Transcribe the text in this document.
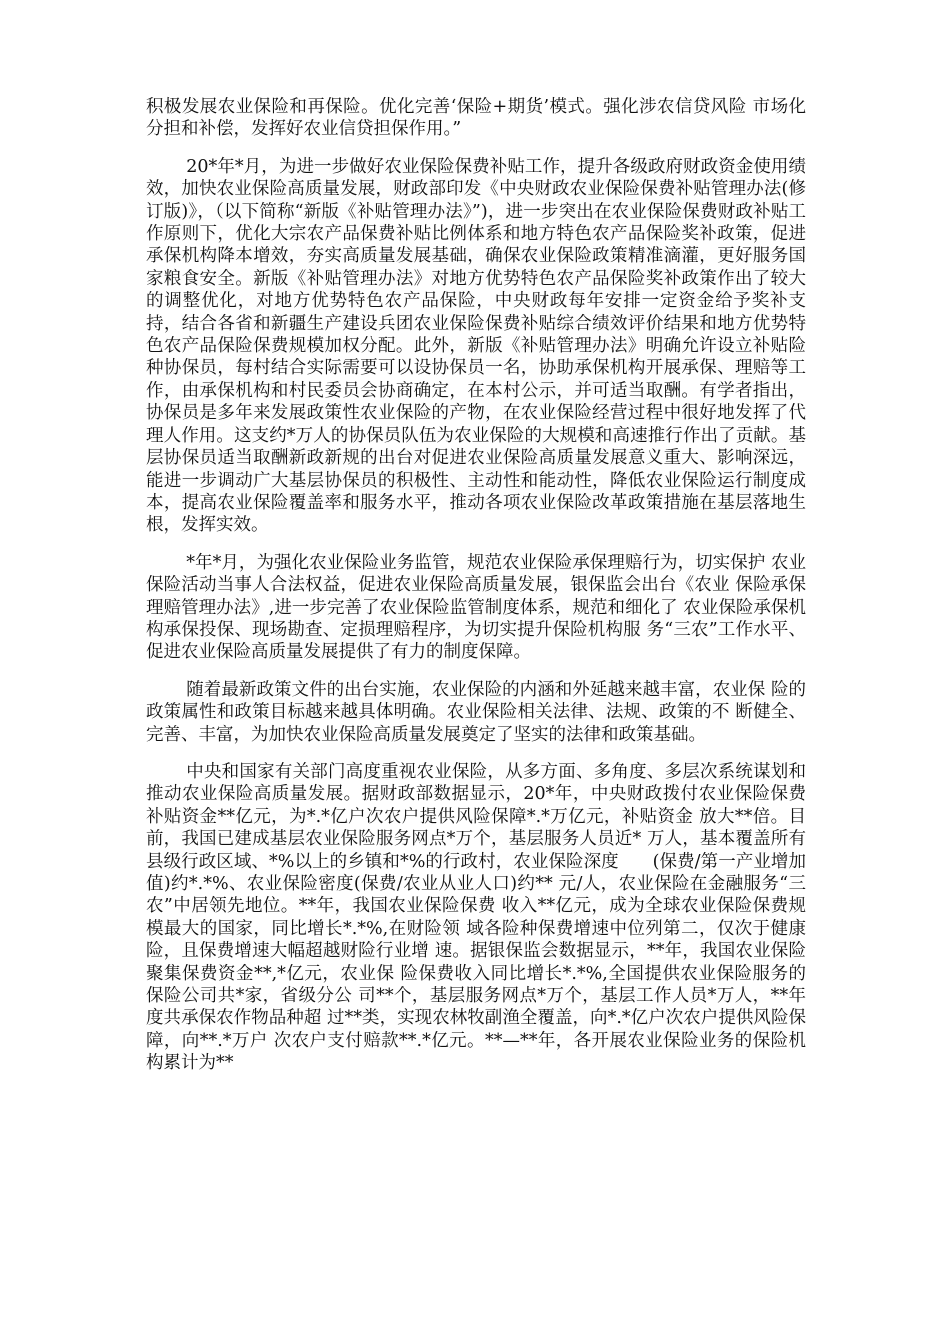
积极发展农业保险和再保险。优化完善‘保险+期货’模式。强化涉农信贷风险 市场化分担和补偿，发挥好农业信贷担保作用。”

20*年*月，为进一步做好农业保险保费补贴工作，提升各级政府财政资金使用绩效，加快农业保险高质量发展，财政部印发《中央财政农业保险保费补贴管理办法(修订版)》，（以下简称“新版《补贴管理办法》”)，进一步突出在农业保险保费财政补贴工作原则下，优化大宗农产品保费补贴比例体系和地方特色农产品保险奖补政策，促进承保机构降本增效，夯实高质量发展基础，确保农业保险政策精准滴灌，更好服务国家粮食安全。新版《补贴管理办法》对地方优势特色农产品保险奖补政策作出了较大的调整优化，对地方优势特色农产品保险，中央财政每年安排一定资金给予奖补支持，结合各省和新疆生产建设兵团农业保险保费补贴综合绩效评价结果和地方优势特色农产品保险保费规模加权分配。此外，新版《补贴管理办法》明确允许设立补贴险种协保员，每村结合实际需要可以设协保员一名，协助承保机构开展承保、理赔等工作，由承保机构和村民委员会协商确定，在本村公示，并可适当取酬。有学者指出，协保员是多年来发展政策性农业保险的产物，在农业保险经营过程中很好地发挥了代理人作用。这支约*万人的协保员队伍为农业保险的大规模和高速推行作出了贡献。基层协保员适当取酬新政新规的出台对促进农业保险高质量发展意义重大、影响深远，能进一步调动广大基层协保员的积极性、主动性和能动性，降低农业保险运行制度成本，提高农业保险覆盖率和服务水平，推动各项农业保险改革政策措施在基层落地生根，发挥实效。

*年*月，为强化农业保险业务监管，规范农业保险承保理赔行为，切实保护 农业保险活动当事人合法权益，促进农业保险高质量发展，银保监会出台《农业 保险承保理赔管理办法》,进一步完善了农业保险监管制度体系，规范和细化了 农业保险承保机构承保投保、现场勘查、定损理赔程序，为切实提升保险机构服 务“三农”工作水平、促进农业保险高质量发展提供了有力的制度保障。

随着最新政策文件的出台实施，农业保险的内涵和外延越来越丰富，农业保 险的政策属性和政策目标越来越具体明确。农业保险相关法律、法规、政策的不 断健全、完善、丰富，为加快农业保险高质量发展奠定了坚实的法律和政策基础。

中央和国家有关部门高度重视农业保险，从多方面、多角度、多层次系统谋划和推动农业保险高质量发展。据财政部数据显示，20*年，中央财政拨付农业保险保费补贴资金**亿元，为*.*亿户次农户提供风险保障*.*万亿元，补贴资金 放大**倍。目前，我国已建成基层农业保险服务网点*万个，基层服务人员近* 万人，基本覆盖所有县级行政区域、*%以上的乡镇和*%的行政村，农业保险深度      (保费/第一产业增加值)约*.*%、农业保险密度(保费/农业从业人口)约** 元/人，农业保险在金融服务“三农”中居领先地位。**年，我国农业保险保费 收入**亿元，成为全球农业保险保费规模最大的国家，同比增长*.*%,在财险领 域各险种保费增速中位列第二，仅次于健康险，且保费增速大幅超越财险行业增 速。据银保监会数据显示，**年，我国农业保险聚集保费资金**,*亿元，农业保 险保费收入同比增长*.*%,全国提供农业保险服务的保险公司共*家，省级分公 司**个，基层服务网点*万个，基层工作人员*万人，**年度共承保农作物品种超 过**类，实现农林牧副渔全覆盖，向*.*亿户次农户提供风险保障，向**.*万户 次农户支付赔款**.*亿元。**—**年，各开展农业保险业务的保险机构累计为**
